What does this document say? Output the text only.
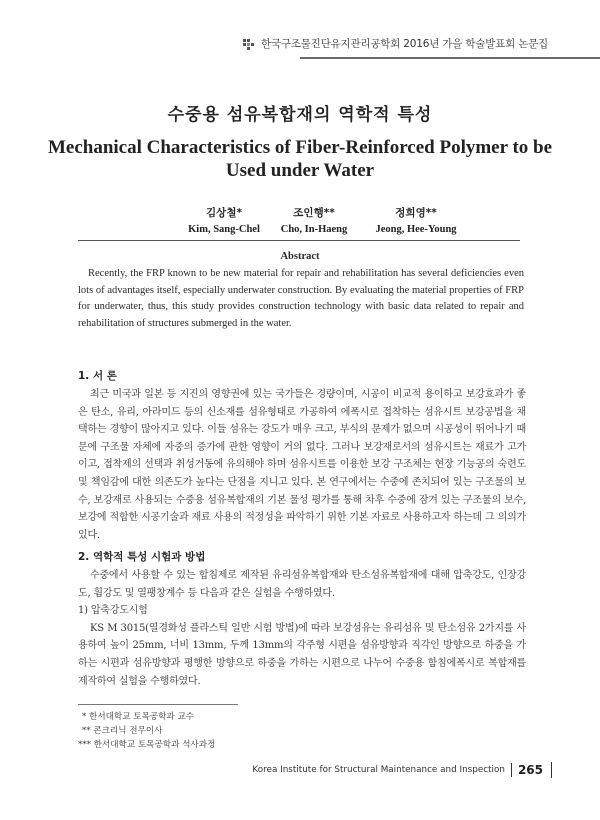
한국구조물진단유지관리공학회 2016년 가을 학술발표회 논문집
수중용 섬유복합재의 역학적 특성
Mechanical Characteristics of Fiber-Reinforced Polymer to be Used under Water
김상철*
Kim, Sang-Chel
조인행**
Cho, In-Haeng
정희영**
Jeong, Hee-Young
Abstract
Recently, the FRP known to be new material for repair and rehabilitation has several deficiencies even lots of advantages itself, especially underwater construction. By evaluating the material properties of FRP for underwater, thus, this study provides construction technology with basic data related to repair and rehabilitation of structures submerged in the water.
1. 서 론

최근 미국과 일본 등 지진의 영향권에 있는 국가들은 경량이며, 시공이 비교적 용이하고 보강효과가 좋은 탄소, 유리, 아라미드 등의 신소재를 섬유형태로 가공하여 에폭시로 접착하는 섬유시트 보강공법을 채택하는 경향이 많아지고 있다. 이들 섬유는 강도가 매우 크고, 부식의 문제가 없으며 시공성이 뛰어나기 때문에 구조물 자체에 자중의 증가에 관한 영향이 거의 없다. 그러나 보강재로서의 섬유시트는 재료가 고가이고, 접착제의 선택과 취성거동에 유의해야 하며 섬유시트를 이용한 보강 구조체는 현장 기능공의 숙련도 및 책임감에 대한 의존도가 높다는 단점을 지니고 있다. 본 연구에서는 수중에 존치되어 있는 구조물의 보수, 보강재로 사용되는 수중용 섬유복합재의 기본 물성 평가를 통해 차후 수중에 잠겨 있는 구조물의 보수, 보강에 적합한 시공기술과 재료 사용의 적정성을 파악하기 위한 기본 자료로 사용하고자 하는데 그 의의가 있다.

2. 역학적 특성 시험과 방법

수중에서 사용할 수 있는 합침제로 제작된 유리섬유복합재와 탄소섬유복합재에 대해 압축강도, 인장강도, 휨강도 및 열팽창계수 등 다음과 같은 실험을 수행하였다.

1) 압축강도시험

KS M 3015(열경화성 플라스틱 일반 시험 방법)에 따라 보강섬유는 유리섬유 및 탄소섬유 2가지를 사용하여 높이 25mm, 너비 13mm, 두께 13mm의 각주형 시편을 섬유방향과 직각인 방향으로 하중을 가하는 시편과 섬유방향과 평행한 방향으로 하중을 가하는 시편으로 나누어 수중용 함침에폭시로 복합재를 제작하여 실험을 수행하였다.

* 한서대학교 토목공학과 교수
** 콘크리닉 전무이사
*** 한서대학교 토목공학과 석사과정
Korea Institute for Structural Maintenance and Inspection 265
